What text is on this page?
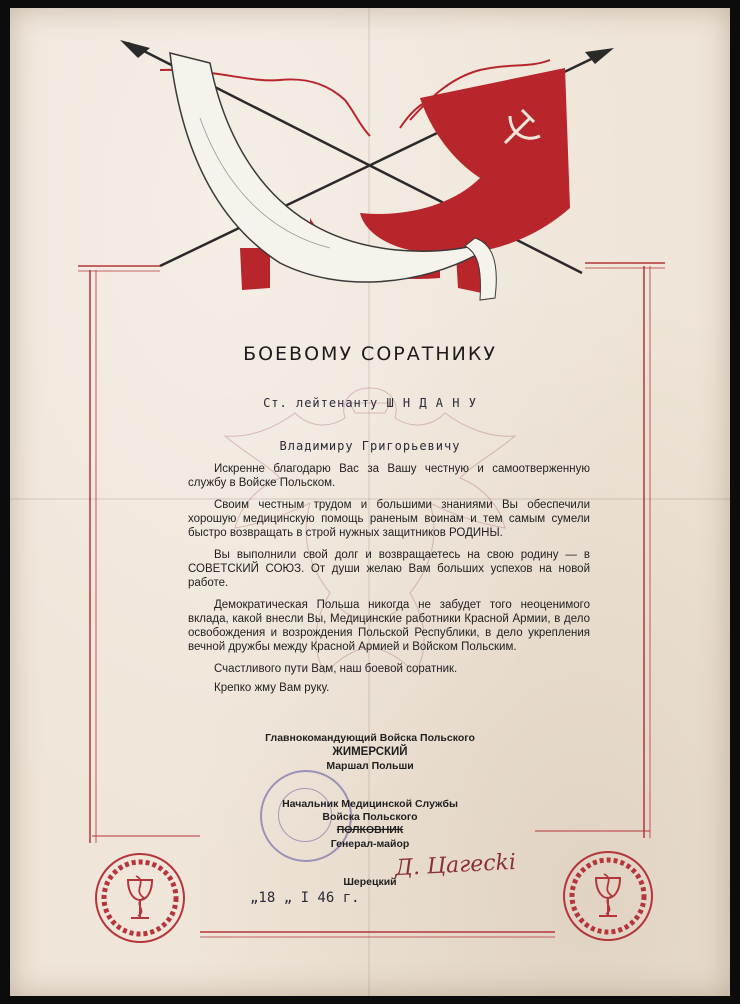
БОЕВОМУ СОРАТНИКУ
Ст. лейтенанту Ш Н Д А Н У
Владимиру Григорьевичу

Искренне благодарю Вас за Вашу честную и самоотверженную службу в Войске Польском.

Своим честным трудом и большими знаниями Вы обеспечили хорошую медицинскую помощь раненым воинам и тем самым сумели быстро возвращать в строй нужных защитников РОДИНЫ.

Вы выполнили свой долг и возвращаетесь на свою родину — в СОВЕТСКИЙ СОЮЗ. От души желаю Вам больших успехов на новой работе.

Демократическая Польша никогда не забудет того неоценимого вклада, какой внесли Вы, Медицинские работники Красной Армии, в дело освобождения и возрождения Польской Республики, в дело укрепления вечной дружбы между Красной Армией и Войском Польским.

Счастливого пути Вам, наш боевой соратник.

Крепко жму Вам руку.

Главнокомандующий Войска Польского
ЖИМЕРСКИЙ
Маршал Польши
Начальник Медицинской Службы
Войска Польского
ПОЛКОВНИК
Генерал-майор
Д. Цагеckі
Шерецкий
„18 „ I 46 г.
